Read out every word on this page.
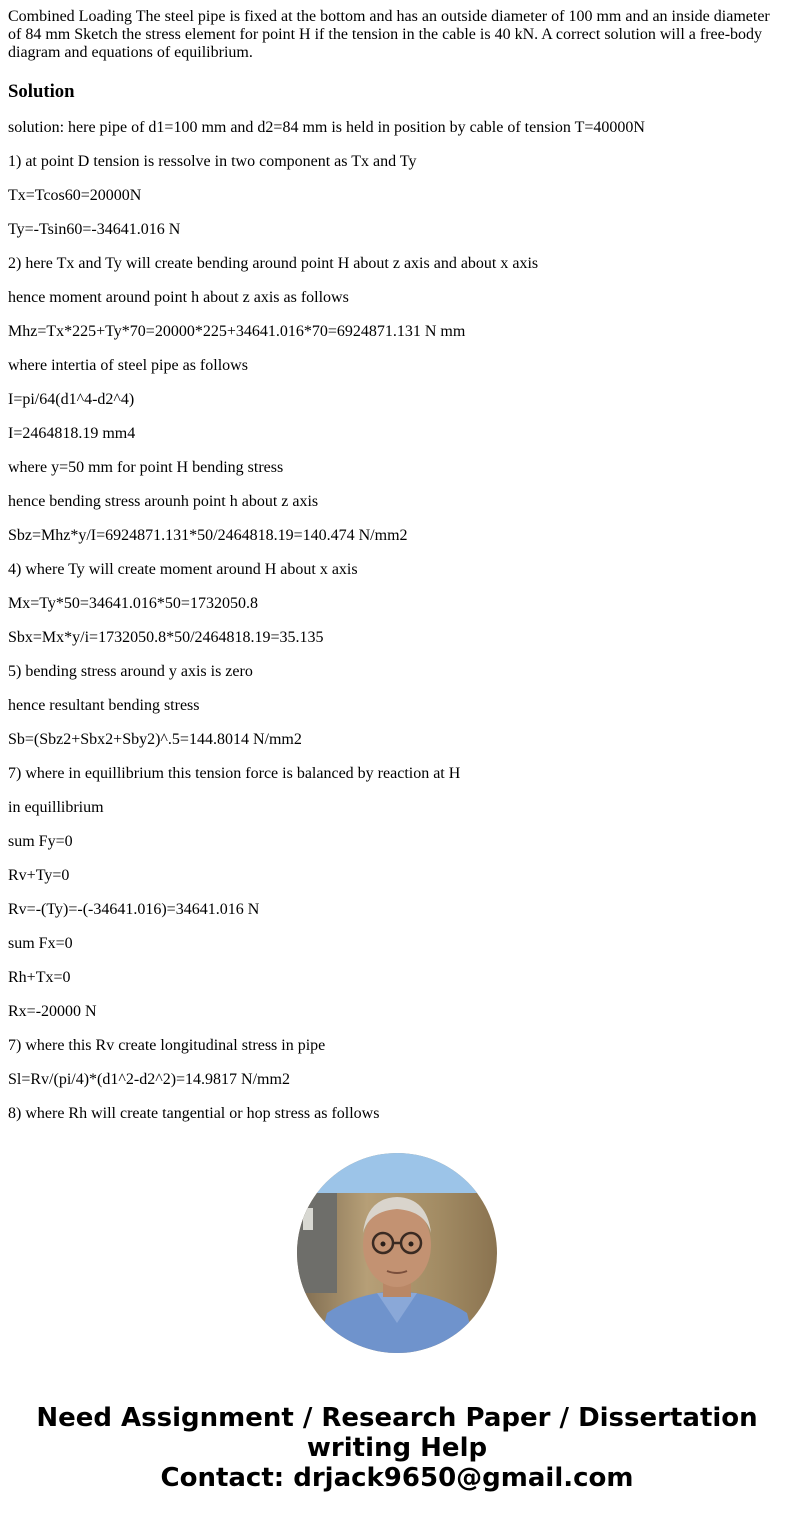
Combined Loading The steel pipe is fixed at the bottom and has an outside diameter of 100 mm and an inside diameter of 84 mm Sketch the stress element for point H if the tension in the cable is 40 kN. A correct solution will a free-body diagram and equations of equilibrium.

Solution

solution: here pipe of d1=100 mm and d2=84 mm is held in position by cable of tension T=40000N

1) at point D tension is ressolve in two component as Tx and Ty

Tx=Tcos60=20000N

Ty=-Tsin60=-34641.016 N

2) here Tx and Ty will create bending around point H about z axis and about x axis

hence moment around point h about z axis as follows

Mhz=Tx*225+Ty*70=20000*225+34641.016*70=6924871.131 N mm

where intertia of steel pipe as follows

I=pi/64(d1^4-d2^4)

I=2464818.19 mm4

where y=50 mm for point H bending stress

hence bending stress arounh point h about z axis

Sbz=Mhz*y/I=6924871.131*50/2464818.19=140.474 N/mm2

4) where Ty will create moment around H about x axis

Mx=Ty*50=34641.016*50=1732050.8

Sbx=Mx*y/i=1732050.8*50/2464818.19=35.135

5) bending stress around y axis is zero

hence resultant bending stress

Sb=(Sbz2+Sbx2+Sby2)^.5=144.8014 N/mm2

7) where in equillibrium this tension force is balanced by reaction at H

in equillibrium

sum Fy=0

Rv+Ty=0

Rv=-(Ty)=-(-34641.016)=34641.016 N

sum Fx=0

Rh+Tx=0

Rx=-20000 N

7) where this Rv create longitudinal stress in pipe

Sl=Rv/(pi/4)*(d1^2-d2^2)=14.9817 N/mm2

8) where Rh will create tangential or hop stress as follows

Need Assignment / Research Paper / Dissertation
writing Help
Contact: drjack9650@gmail.com
